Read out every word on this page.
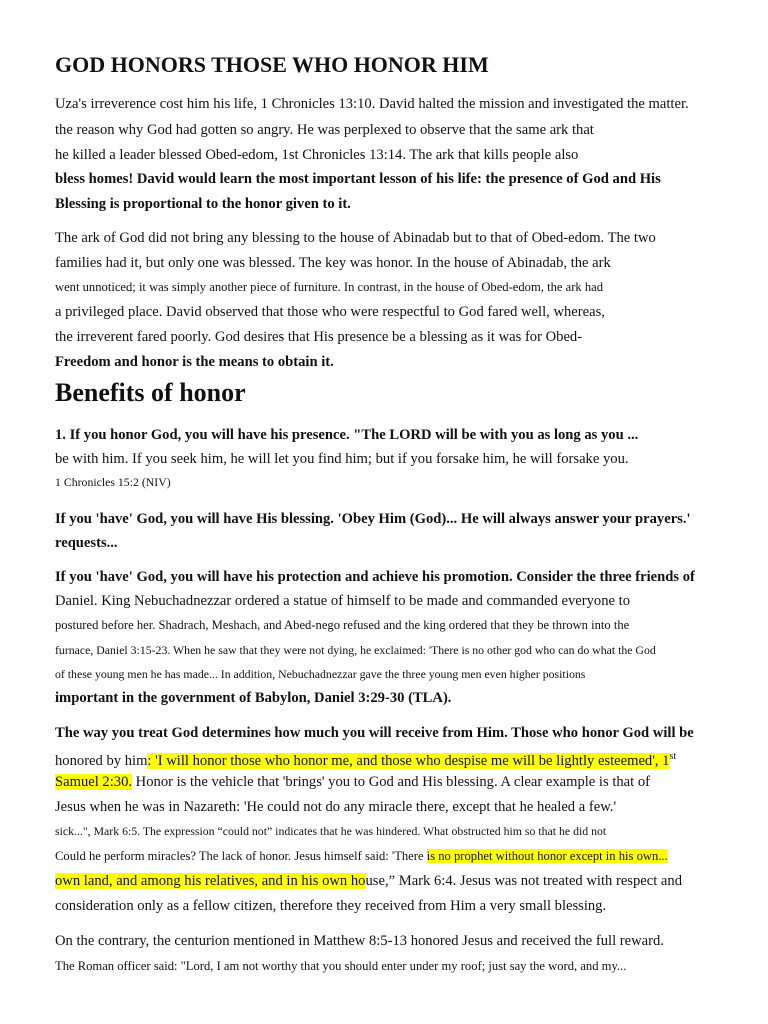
GOD HONORS THOSE WHO HONOR HIM
Uza's irreverence cost him his life, 1 Chronicles 13:10. David halted the mission and investigated the matter.
the reason why God had gotten so angry. He was perplexed to observe that the same ark that
he killed a leader blessed Obed-edom, 1st Chronicles 13:14. The ark that kills people also
bless homes! David would learn the most important lesson of his life: the presence of God and His
Blessing is proportional to the honor given to it.
The ark of God did not bring any blessing to the house of Abinadab but to that of Obed-edom. The two
families had it, but only one was blessed. The key was honor. In the house of Abinadab, the ark
went unnoticed; it was simply another piece of furniture. In contrast, in the house of Obed-edom, the ark had
a privileged place. David observed that those who were respectful to God fared well, whereas,
the irreverent fared poorly. God desires that His presence be a blessing as it was for Obed-
Freedom and honor is the means to obtain it.
Benefits of honor
1. If you honor God, you will have his presence. "The LORD will be with you as long as you ...
be with him. If you seek him, he will let you find him; but if you forsake him, he will forsake you.
1 Chronicles 15:2 (NIV)
If you 'have' God, you will have His blessing. 'Obey Him (God)... He will always answer your prayers.'
requests...
If you 'have' God, you will have his protection and achieve his promotion. Consider the three friends of
Daniel. King Nebuchadnezzar ordered a statue of himself to be made and commanded everyone to
postured before her. Shadrach, Meshach, and Abed-nego refused and the king ordered that they be thrown into the
furnace, Daniel 3:15-23. When he saw that they were not dying, he exclaimed: 'There is no other god who can do what the God
of these young men he has made... In addition, Nebuchadnezzar gave the three young men even higher positions
important in the government of Babylon, Daniel 3:29-30 (TLA).
The way you treat God determines how much you will receive from Him. Those who honor God will be
honored by him: 'I will honor those who honor me, and those who despise me will be lightly esteemed', 1st
Samuel 2:30. Honor is the vehicle that 'brings' you to God and His blessing. A clear example is that of
Jesus when he was in Nazareth: 'He could not do any miracle there, except that he healed a few.'
sick...", Mark 6:5. The expression “could not” indicates that he was hindered. What obstructed him so that he did not
Could he perform miracles? The lack of honor. Jesus himself said: 'There is no prophet without honor except in his own...
own land, and among his relatives, and in his own house,” Mark 6:4. Jesus was not treated with respect and
consideration only as a fellow citizen, therefore they received from Him a very small blessing.
On the contrary, the centurion mentioned in Matthew 8:5-13 honored Jesus and received the full reward.
The Roman officer said: "Lord, I am not worthy that you should enter under my roof; just say the word, and my...
